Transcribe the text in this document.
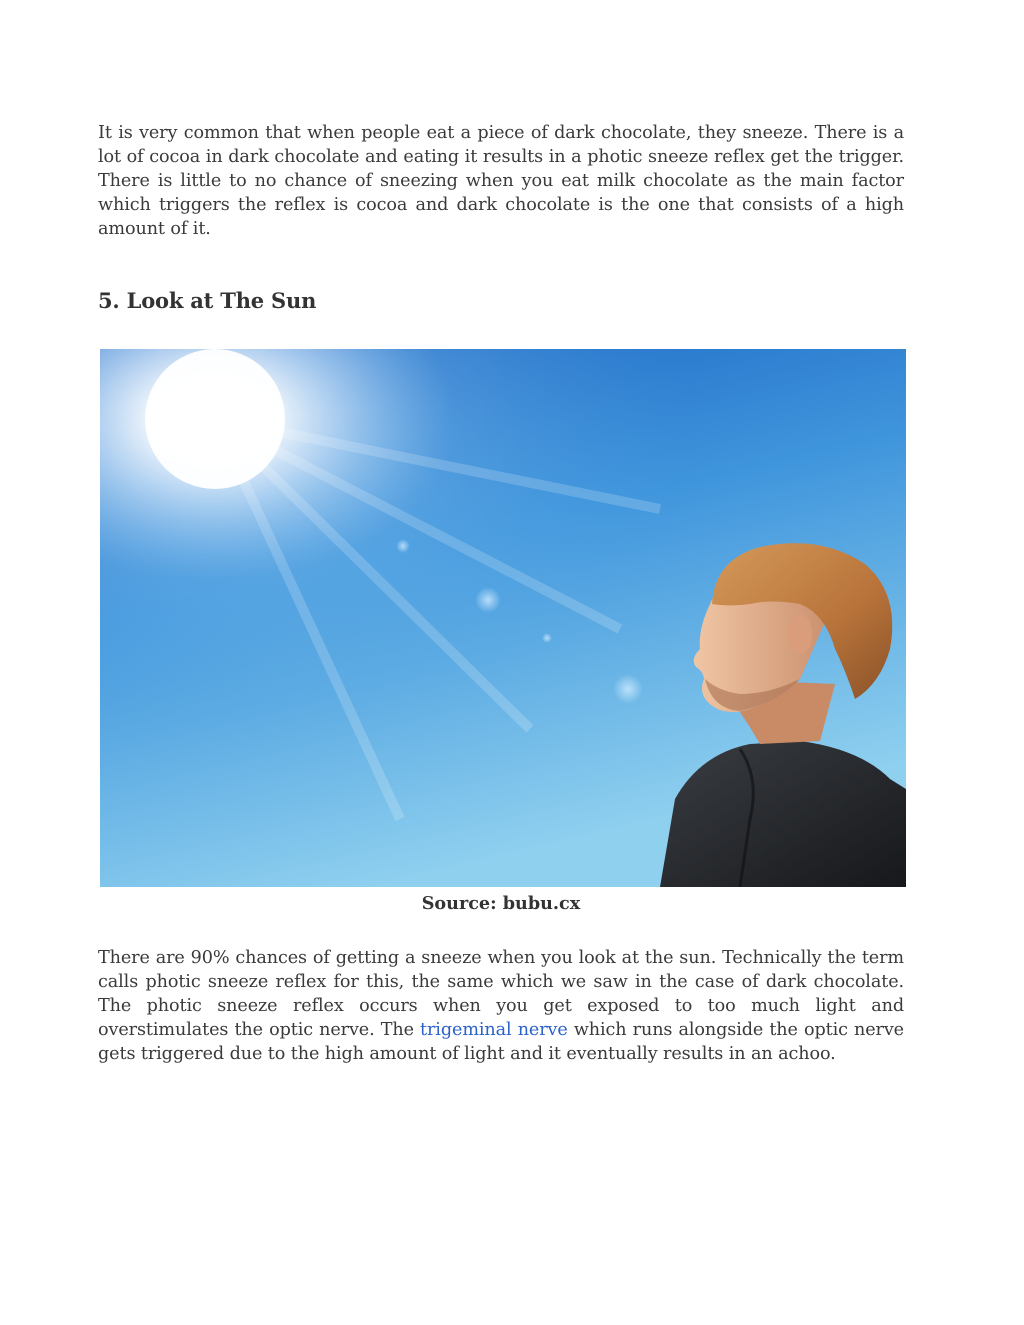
It is very common that when people eat a piece of dark chocolate, they sneeze. There is a lot of cocoa in dark chocolate and eating it results in a photic sneeze reflex get the trigger. There is little to no chance of sneezing when you eat milk chocolate as the main factor which triggers the reflex is cocoa and dark chocolate is the one that consists of a high amount of it.

5. Look at The Sun
Source: bubu.cx

There are 90% chances of getting a sneeze when you look at the sun. Technically the term calls photic sneeze reflex for this, the same which we saw in the case of dark chocolate. The photic sneeze reflex occurs when you get exposed to too much light and overstimulates the optic nerve. The trigeminal nerve which runs alongside the optic nerve gets triggered due to the high amount of light and it eventually results in an achoo.
